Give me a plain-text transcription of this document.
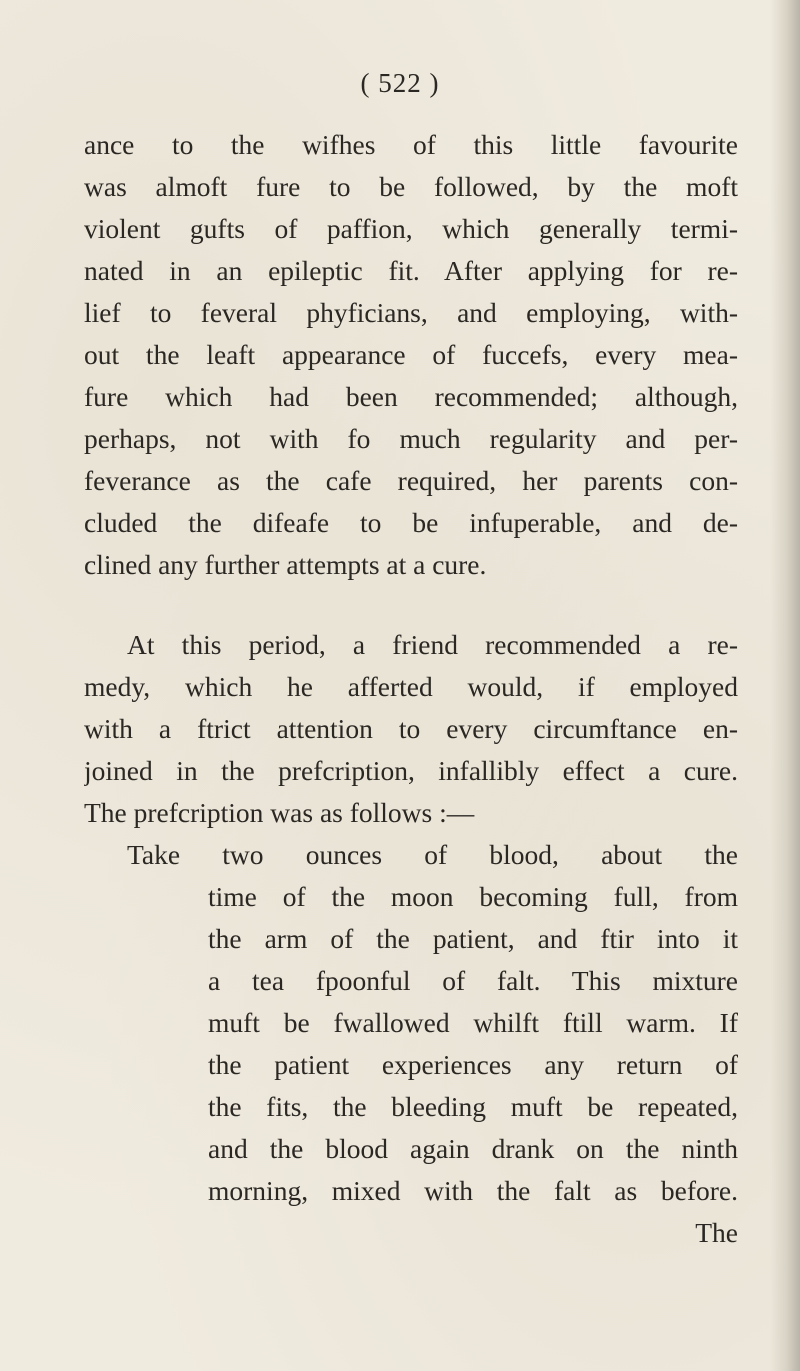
( 522 )
ance to the wifhes of this little favourite
was almoft fure to be followed, by the moft
violent gufts of paffion, which generally termi-
nated in an epileptic fit. After applying for re-
lief to feveral phyficians, and employing, with-
out the leaft appearance of fuccefs, every mea-
fure which had been recommended; although,
perhaps, not with fo much regularity and per-
feverance as the cafe required, her parents con-
cluded the difeafe to be infuperable, and de-
clined any further attempts at a cure.
At this period, a friend recommended a re-
medy, which he afferted would, if employed
with a ftrict attention to every circumftance en-
joined in the prefcription, infallibly effect a cure.
The prefcription was as follows :—
Take two ounces of blood, about the
time of the moon becoming full, from
the arm of the patient, and ftir into it
a tea fpoonful of falt. This mixture
muft be fwallowed whilft ftill warm. If
the patient experiences any return of
the fits, the bleeding muft be repeated,
and the blood again drank on the ninth
morning, mixed with the falt as before.
The
